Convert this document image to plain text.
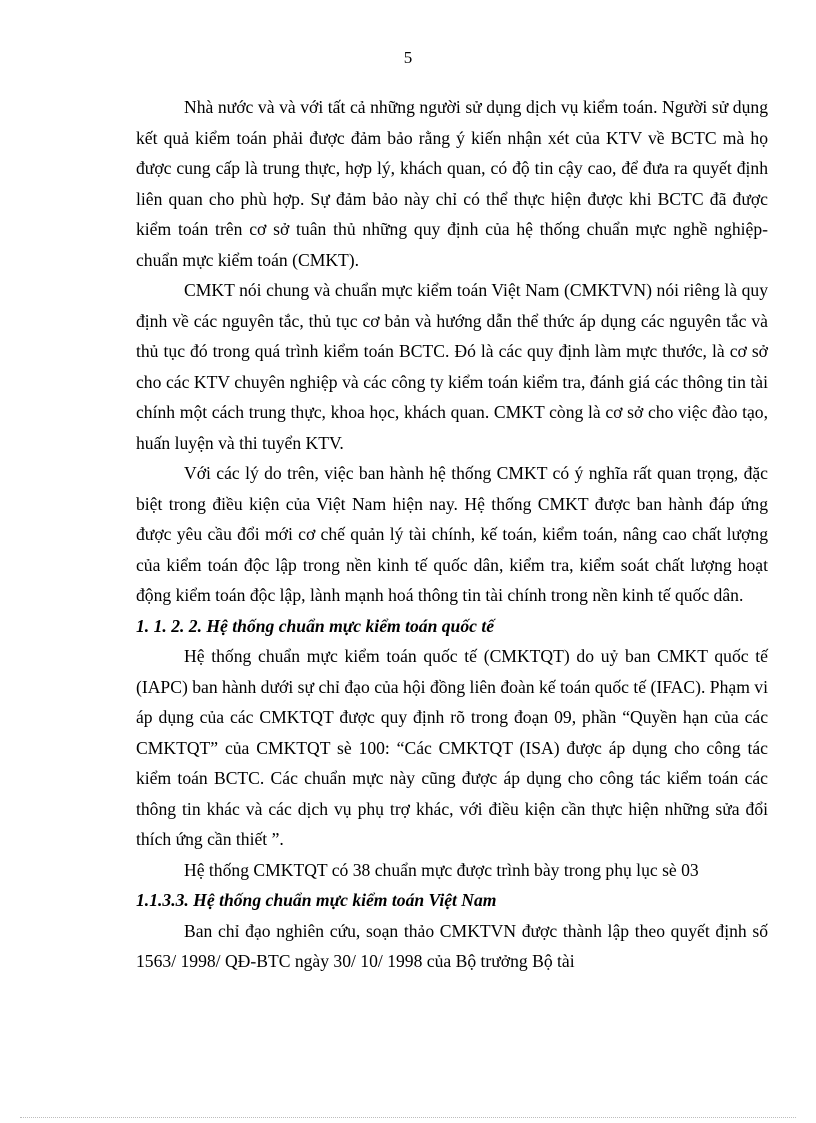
5

Nhà nước và và với tất cả những người sử dụng dịch vụ kiểm toán. Người sử dụng kết quả kiểm toán phải được đảm bảo rằng ý kiến nhận xét của KTV về BCTC mà họ được cung cấp là trung thực, hợp lý, khách quan, có độ tin cậy cao, để đưa ra quyết định liên quan cho phù hợp. Sự đảm bảo này chỉ có thể thực hiện được khi BCTC đã được kiểm toán trên cơ sở tuân thủ những quy định của hệ thống chuẩn mực nghề nghiệp- chuẩn mực kiểm toán (CMKT).

CMKT nói chung và chuẩn mực kiểm toán Việt Nam (CMKTVN) nói riêng là quy định về các nguyên tắc, thủ tục cơ bản và hướng dẫn thể thức áp dụng các nguyên tắc và thủ tục đó trong quá trình kiểm toán BCTC. Đó là các quy định làm mực thước, là cơ sở cho các KTV chuyên nghiệp và các công ty kiểm toán kiểm tra, đánh giá các thông tin tài chính một cách trung thực, khoa học, khách quan. CMKT còng là cơ sở cho việc đào tạo, huấn luyện và thi tuyển KTV.

Với các lý do trên, việc ban hành hệ thống CMKT có ý nghĩa rất quan trọng, đặc biệt trong điều kiện của Việt Nam hiện nay. Hệ thống CMKT được ban hành đáp ứng được yêu cầu đổi mới cơ chế quản lý tài chính, kế toán, kiểm toán, nâng cao chất lượng của kiểm toán độc lập trong nền kinh tế quốc dân, kiểm tra, kiểm soát chất lượng hoạt động kiểm toán độc lập, lành mạnh hoá thông tin tài chính trong nền kinh tế quốc dân.

1. 1. 2. 2. Hệ thống chuẩn mực kiểm toán quốc tế

Hệ thống chuẩn mực kiểm toán quốc tế (CMKTQT) do uỷ ban CMKT quốc tế (IAPC) ban hành dưới sự chỉ đạo của hội đồng liên đoàn kế toán quốc tế (IFAC). Phạm vi áp dụng của các CMKTQT được quy định rõ trong đoạn 09, phần “Quyền hạn của các CMKTQT” của CMKTQT sè 100: “Các CMKTQT (ISA) được áp dụng cho công tác kiểm toán BCTC. Các chuẩn mực này cũng được áp dụng cho công tác kiểm toán các thông tin khác và các dịch vụ phụ trợ khác, với điều kiện cần thực hiện những sửa đổi thích ứng cần thiết ”.

Hệ thống CMKTQT có 38 chuẩn mực được trình bày trong phụ lục sè 03

1.1.3.3. Hệ thống chuẩn mực kiểm toán Việt Nam

Ban chỉ đạo nghiên cứu, soạn thảo CMKTVN được thành lập theo quyết định số 1563/ 1998/ QĐ-BTC ngày 30/ 10/ 1998 của Bộ trưởng Bộ tài
